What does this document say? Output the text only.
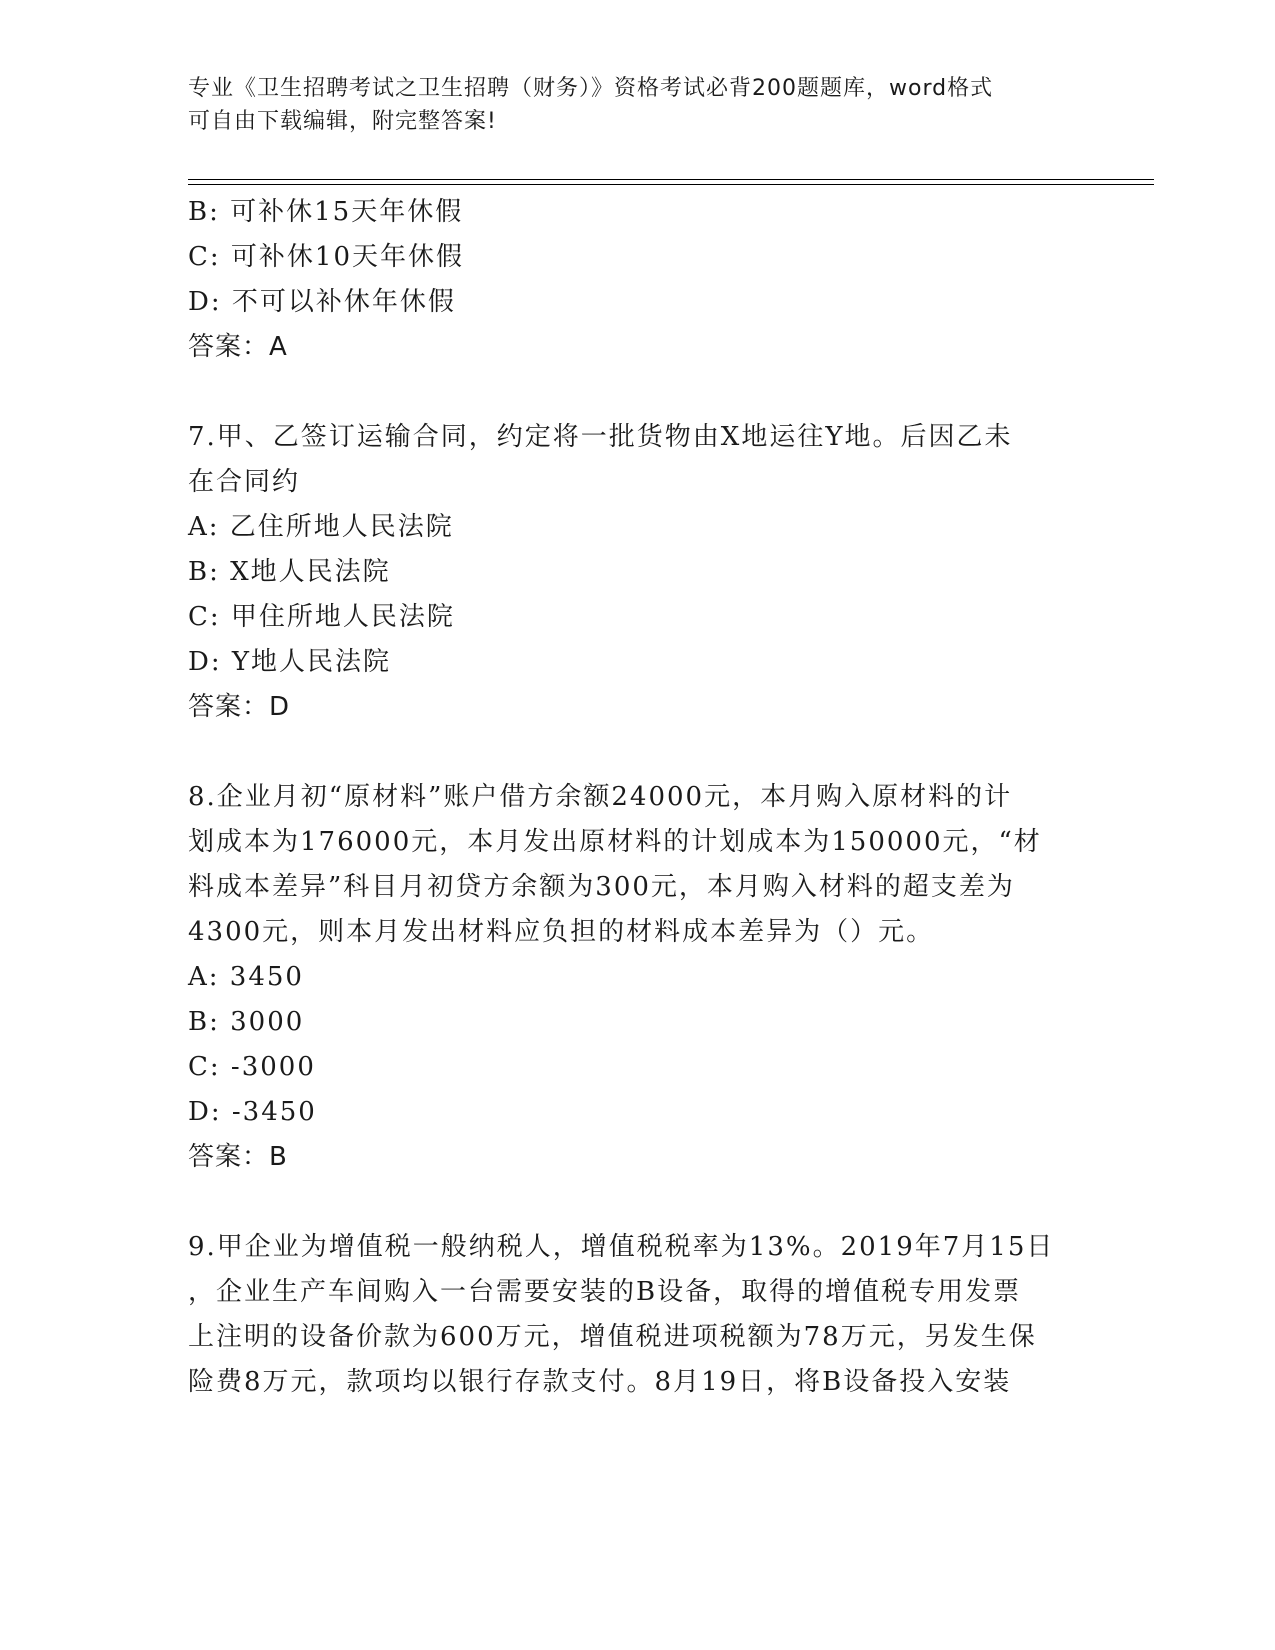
专业《卫生招聘考试之卫生招聘（财务）》资格考试必背200题题库，word格式
可自由下载编辑，附完整答案!
B: 可补休15天年休假
C: 可补休10天年休假
D: 不可以补休年休假
答案：A
7.甲、乙签订运输合同，约定将一批货物由X地运往Y地。后因乙未
在合同约
A: 乙住所地人民法院
B: X地人民法院
C: 甲住所地人民法院
D: Y地人民法院
答案：D
8.企业月初“原材料”账户借方余额24000元，本月购入原材料的计
划成本为176000元，本月发出原材料的计划成本为150000元，“材
料成本差异”科目月初贷方余额为300元，本月购入材料的超支差为
4300元，则本月发出材料应负担的材料成本差异为（）元。
A: 3450
B: 3000
C: -3000
D: -3450
答案：B
9.甲企业为增值税一般纳税人，增值税税率为13%。2019年7月15日
，企业生产车间购入一台需要安装的B设备，取得的增值税专用发票
上注明的设备价款为600万元，增值税进项税额为78万元，另发生保
险费8万元，款项均以银行存款支付。8月19日，将B设备投入安装
